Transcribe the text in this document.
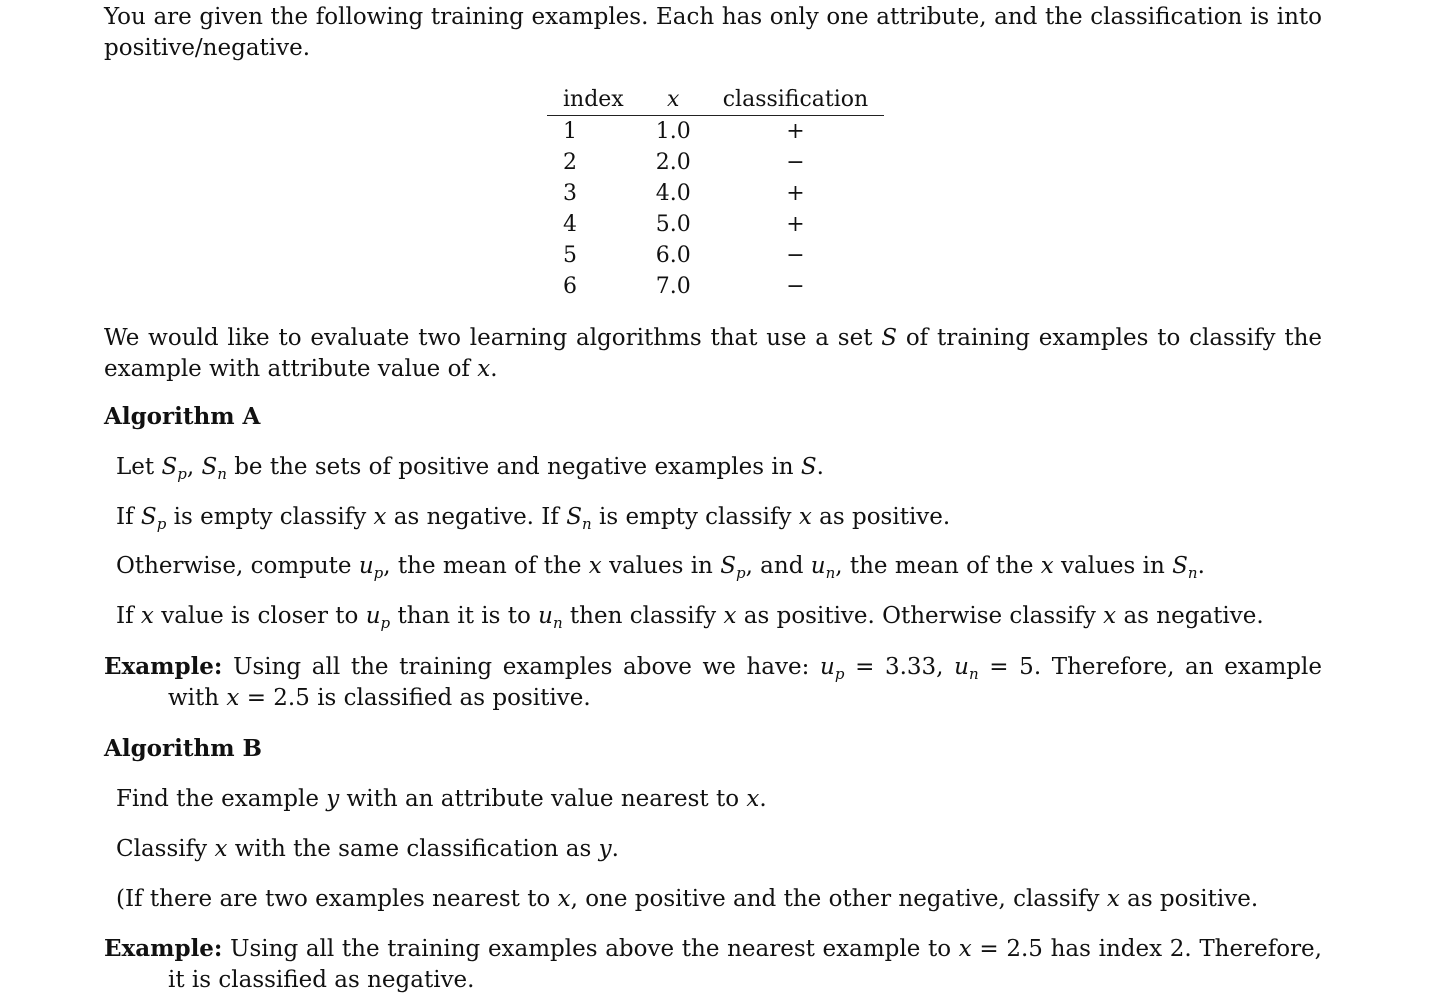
You are given the following training examples. Each has only one attribute, and the classification is into positive/negative.
index	x	classification
1	1.0	+
2	2.0	−
3	4.0	+
4	5.0	+
5	6.0	−
6	7.0	−
We would like to evaluate two learning algorithms that use a set S of training examples to classify the example with attribute value of x.
Algorithm A
Let $S_p$, $S_n$ be the sets of positive and negative examples in S.
If $S_p$ is empty classify x as negative. If $S_n$ is empty classify x as positive.
Otherwise, compute $u_p$, the mean of the x values in $S_p$, and $u_n$, the mean of the x values in $S_n$.
If x value is closer to $u_p$ than it is to $u_n$ then classify x as positive. Otherwise classify x as negative.
Example: Using all the training examples above we have: $u_p = 3.33$, $u_n = 5$. Therefore, an example with x = 2.5 is classified as positive.
Algorithm B
Find the example y with an attribute value nearest to x.
Classify x with the same classification as y.
(If there are two examples nearest to x, one positive and the other negative, classify x as positive.
Example: Using all the training examples above the nearest example to x = 2.5 has index 2. Therefore, it is classified as negative.
